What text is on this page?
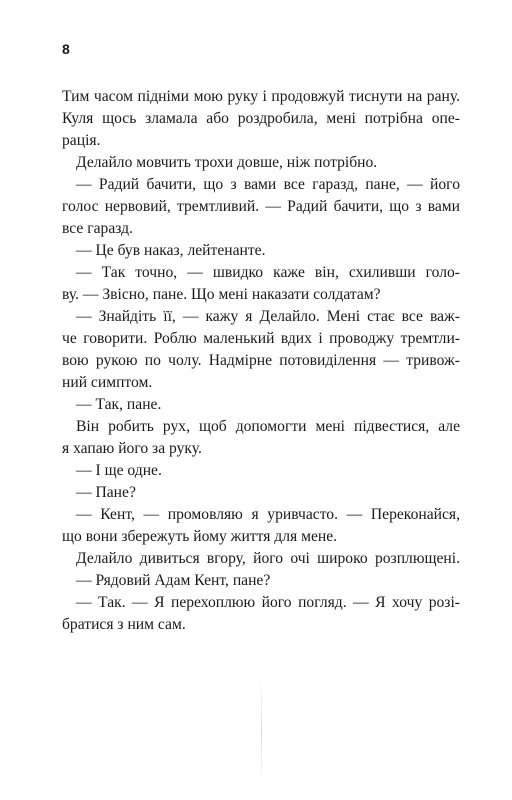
8
Тим часом підніми мою руку і продовжуй тиснути на рану.
Куля щось зламала або роздробила, мені потрібна опе-
рація.
Делайло мовчить трохи довше, ніж потрібно.
— Радий бачити, що з вами все гаразд, пане, — його
голос нервовий, тремтливий. — Радий бачити, що з вами
все гаразд.
— Це був наказ, лейтенанте.
— Так точно, — швидко каже він, схиливши голо-
ву. — Звісно, пане. Що мені наказати солдатам?
— Знайдіть її, — кажу я Делайло. Мені стає все важ-
че говорити. Роблю маленький вдих і проводжу тремтли-
вою рукою по чолу. Надмірне потовиділення — тривож-
ний симптом.
— Так, пане.
Він робить рух, щоб допомогти мені підвестися, але
я хапаю його за руку.
— І ще одне.
— Пане?
— Кент, — промовляю я уривчасто. — Переконайся,
що вони збережуть йому життя для мене.
Делайло дивиться вгору, його очі широко розплющені.
— Рядовий Адам Кент, пане?
— Так. — Я перехоплюю його погляд. — Я хочу розі-
братися з ним сам.
